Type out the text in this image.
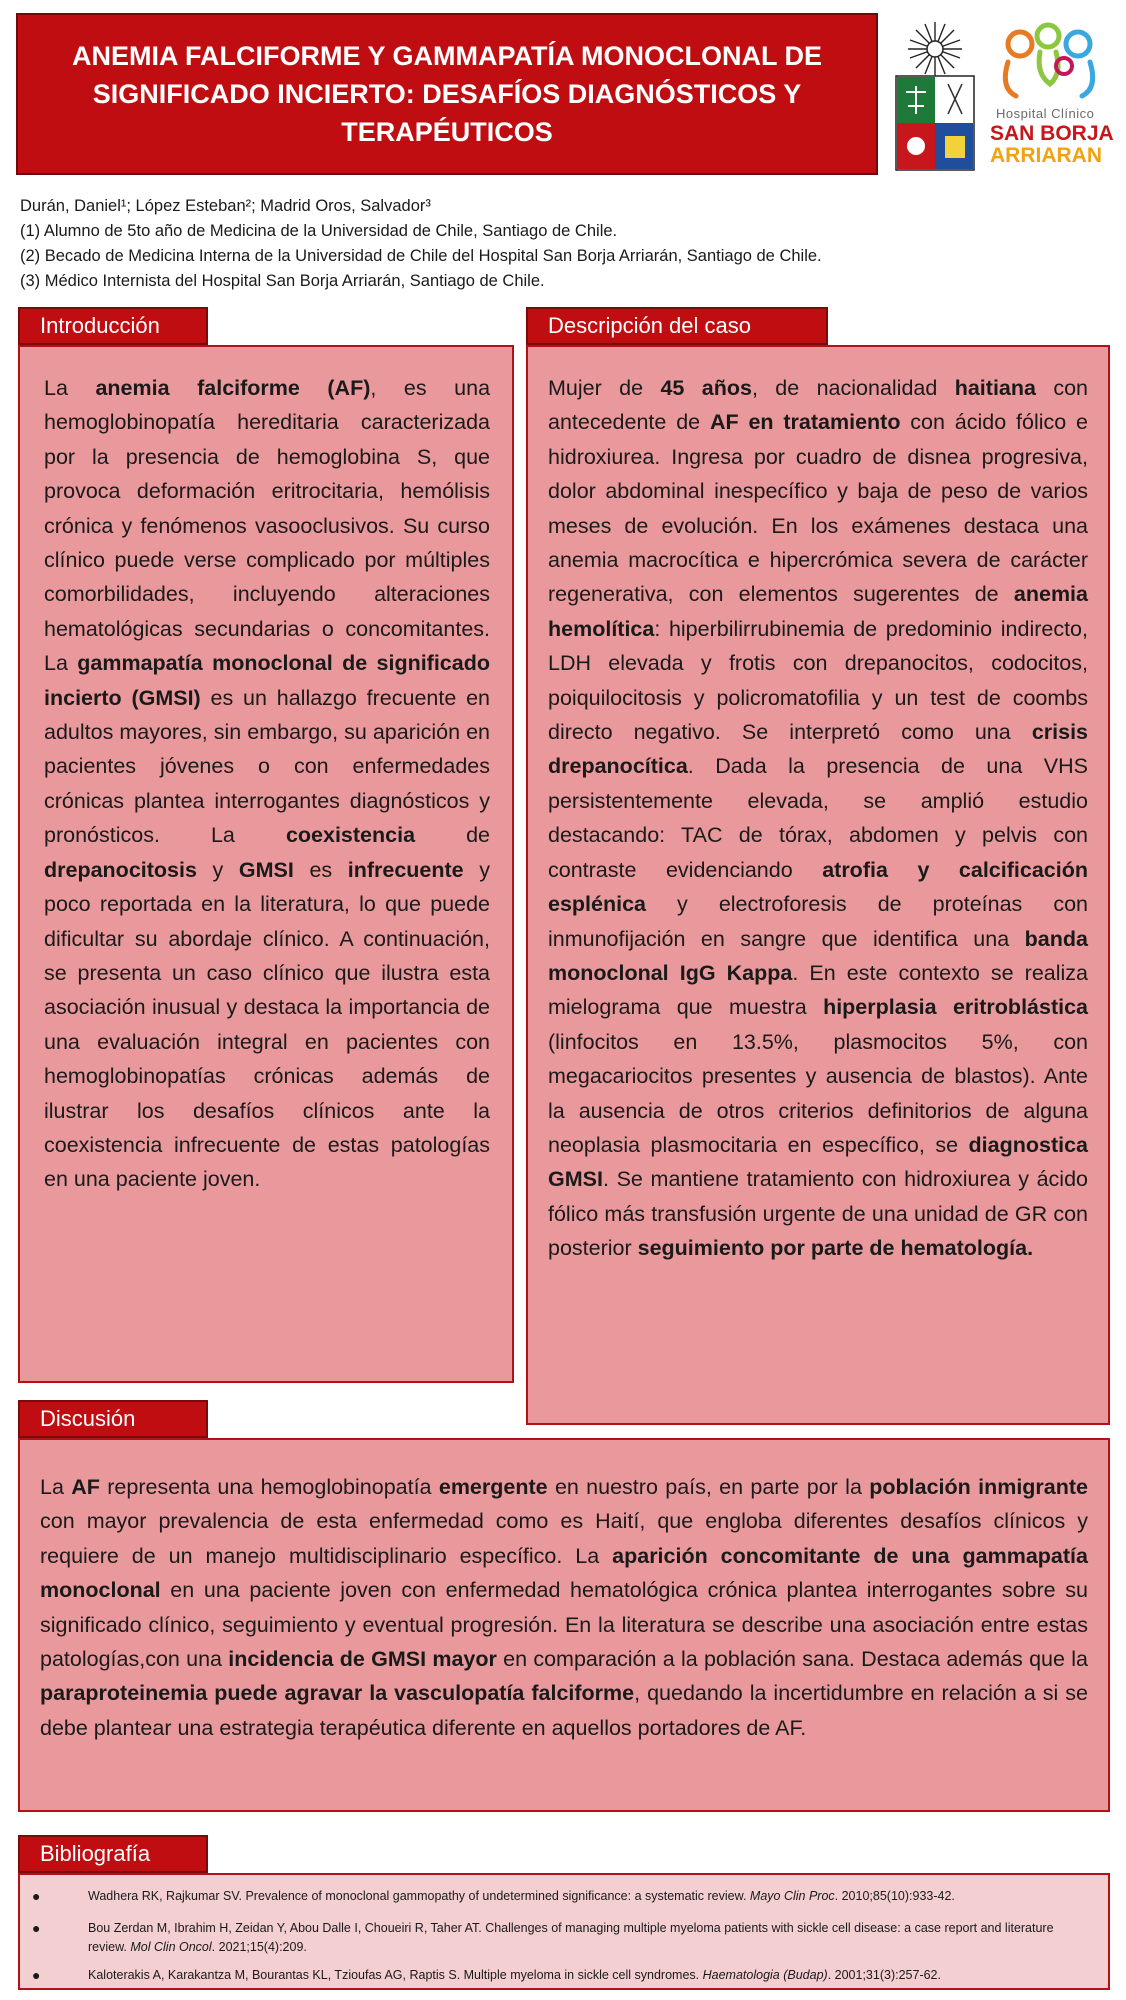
ANEMIA FALCIFORME Y GAMMAPATÍA MONOCLONAL DE SIGNIFICADO INCIERTO: DESAFÍOS DIAGNÓSTICOS Y TERAPÉUTICOS
Hospital Clínico
SAN BORJA
ARRIARAN
Durán, Daniel¹; López Esteban²; Madrid Oros, Salvador³
(1) Alumno de 5to año de Medicina de la Universidad de Chile, Santiago de Chile.
(2) Becado de Medicina Interna de la Universidad de Chile del Hospital San Borja Arriarán, Santiago de Chile.
(3) Médico Internista del Hospital San Borja Arriarán, Santiago de Chile.
Introducción
La anemia falciforme (AF), es una hemoglobinopatía hereditaria caracterizada por la presencia de hemoglobina S, que provoca deformación eritrocitaria, hemólisis crónica y fenómenos vasooclusivos. Su curso clínico puede verse complicado por múltiples comorbilidades, incluyendo alteraciones hematológicas secundarias o concomitantes. La gammapatía monoclonal de significado incierto (GMSI) es un hallazgo frecuente en adultos mayores, sin embargo, su aparición en pacientes jóvenes o con enfermedades crónicas plantea interrogantes diagnósticos y pronósticos. La coexistencia de drepanocitosis y GMSI es infrecuente y poco reportada en la literatura, lo que puede dificultar su abordaje clínico. A continuación, se presenta un caso clínico que ilustra esta asociación inusual y destaca la importancia de una evaluación integral en pacientes con hemoglobinopatías crónicas además de ilustrar los desafíos clínicos ante la coexistencia infrecuente de estas patologías en una paciente joven.
Descripción del caso
Mujer de 45 años, de nacionalidad haitiana con antecedente de AF en tratamiento con ácido fólico e hidroxiurea. Ingresa por cuadro de disnea progresiva, dolor abdominal inespecífico y baja de peso de varios meses de evolución. En los exámenes destaca una anemia macrocítica e hipercrómica severa de carácter regenerativa, con elementos sugerentes de anemia hemolítica: hiperbilirrubinemia de predominio indirecto, LDH elevada y frotis con drepanocitos, codocitos, poiquilocitosis y policromatofilia y un test de coombs directo negativo. Se interpretó como una crisis drepanocítica. Dada la presencia de una VHS persistentemente elevada, se amplió estudio destacando: TAC de tórax, abdomen y pelvis con contraste evidenciando atrofia y calcificación esplénica y electroforesis de proteínas con inmunofijación en sangre que identifica una banda monoclonal IgG Kappa. En este contexto se realiza mielograma que muestra hiperplasia eritroblástica (linfocitos en 13.5%, plasmocitos 5%, con megacariocitos presentes y ausencia de blastos). Ante la ausencia de otros criterios definitorios de alguna neoplasia plasmocitaria en específico, se diagnostica GMSI. Se mantiene tratamiento con hidroxiurea y ácido fólico más transfusión urgente de una unidad de GR con posterior seguimiento por parte de hematología.
Discusión
La AF representa una hemoglobinopatía emergente en nuestro país, en parte por la población inmigrante con mayor prevalencia de esta enfermedad como es Haití, que engloba diferentes desafíos clínicos y requiere de un manejo multidisciplinario específico. La aparición concomitante de una gammapatía monoclonal en una paciente joven con enfermedad hematológica crónica plantea interrogantes sobre su significado clínico, seguimiento y eventual progresión. En la literatura se describe una asociación entre estas patologías,con una incidencia de GMSI mayor en comparación a la población sana. Destaca además que la paraproteinemia puede agravar la vasculopatía falciforme, quedando la incertidumbre en relación a si se debe plantear una estrategia terapéutica diferente en aquellos portadores de AF.
Bibliografía
●	Wadhera RK, Rajkumar SV. Prevalence of monoclonal gammopathy of undetermined significance: a systematic review. Mayo Clin Proc. 2010;85(10):933-42.
●	Bou Zerdan M, Ibrahim H, Zeidan Y, Abou Dalle I, Choueiri R, Taher AT. Challenges of managing multiple myeloma patients with sickle cell disease: a case report and literature review. Mol Clin Oncol. 2021;15(4):209.
●	Kaloterakis A, Karakantza M, Bourantas KL, Tzioufas AG, Raptis S. Multiple myeloma in sickle cell syndromes. Haematologia (Budap). 2001;31(3):257-62.
